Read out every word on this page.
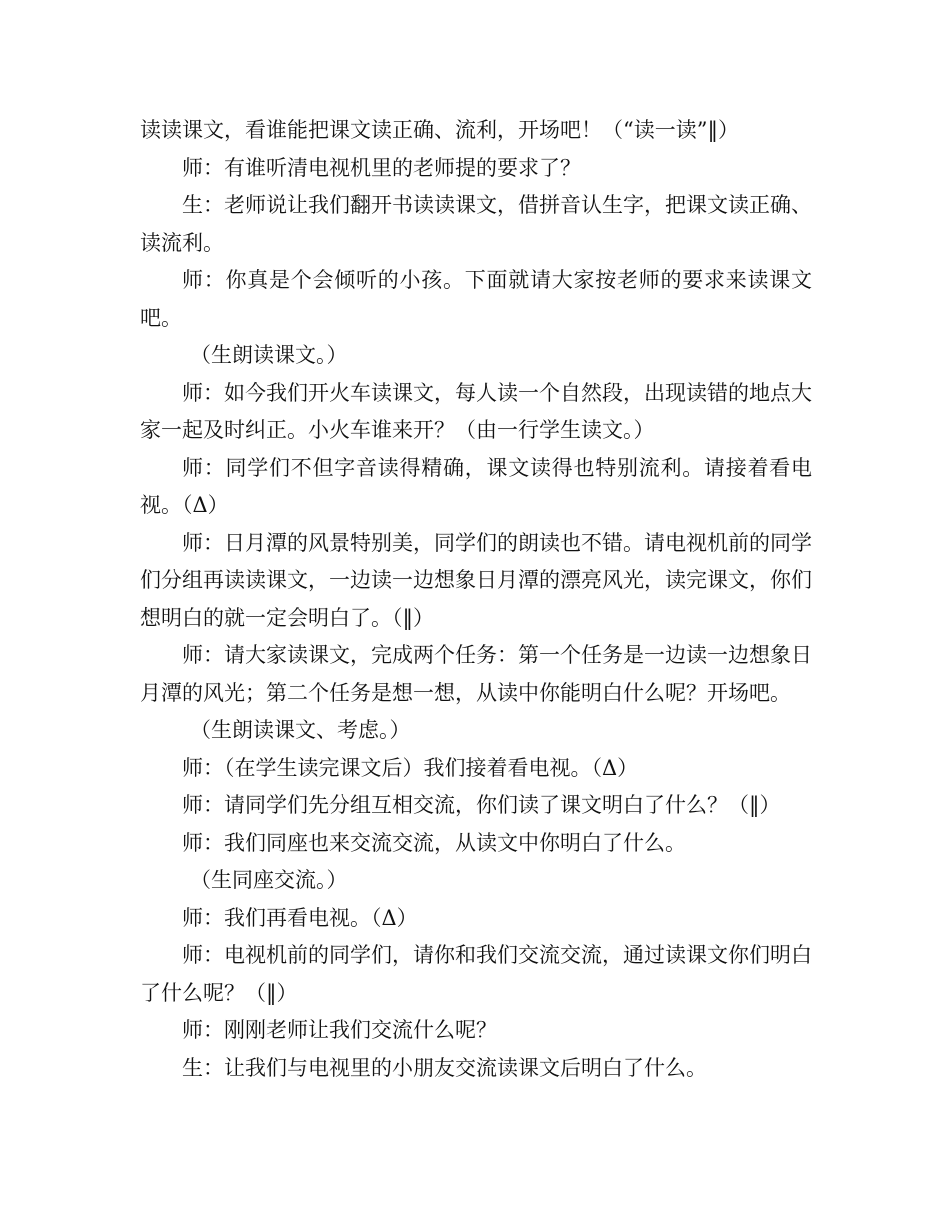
读读课文，看谁能把课文读正确、流利，开场吧！（“读一读”‖）

师：有谁听清电视机里的老师提的要求了？

生：老师说让我们翻开书读读课文，借拼音认生字，把课文读正确、读流利。

师：你真是个会倾听的小孩。下面就请大家按老师的要求来读课文吧。

（生朗读课文。）

师：如今我们开火车读课文，每人读一个自然段，出现读错的地点大家一起及时纠正。小火车谁来开？（由一行学生读文。）

师：同学们不但字音读得精确，课文读得也特别流利。请接着看电视。（Δ）

师：日月潭的风景特别美，同学们的朗读也不错。请电视机前的同学们分组再读读课文，一边读一边想象日月潭的漂亮风光，读完课文，你们想明白的就一定会明白了。（‖）

师：请大家读课文，完成两个任务：第一个任务是一边读一边想象日月潭的风光；第二个任务是想一想，从读中你能明白什么呢？开场吧。

（生朗读课文、考虑。）

师：（在学生读完课文后）我们接着看电视。（Δ）

师：请同学们先分组互相交流，你们读了课文明白了什么？（‖）

师：我们同座也来交流交流，从读文中你明白了什么。

（生同座交流。）

师：我们再看电视。（Δ）

师：电视机前的同学们，请你和我们交流交流，通过读课文你们明白了什么呢？（‖）

师：刚刚老师让我们交流什么呢？

生：让我们与电视里的小朋友交流读课文后明白了什么。
